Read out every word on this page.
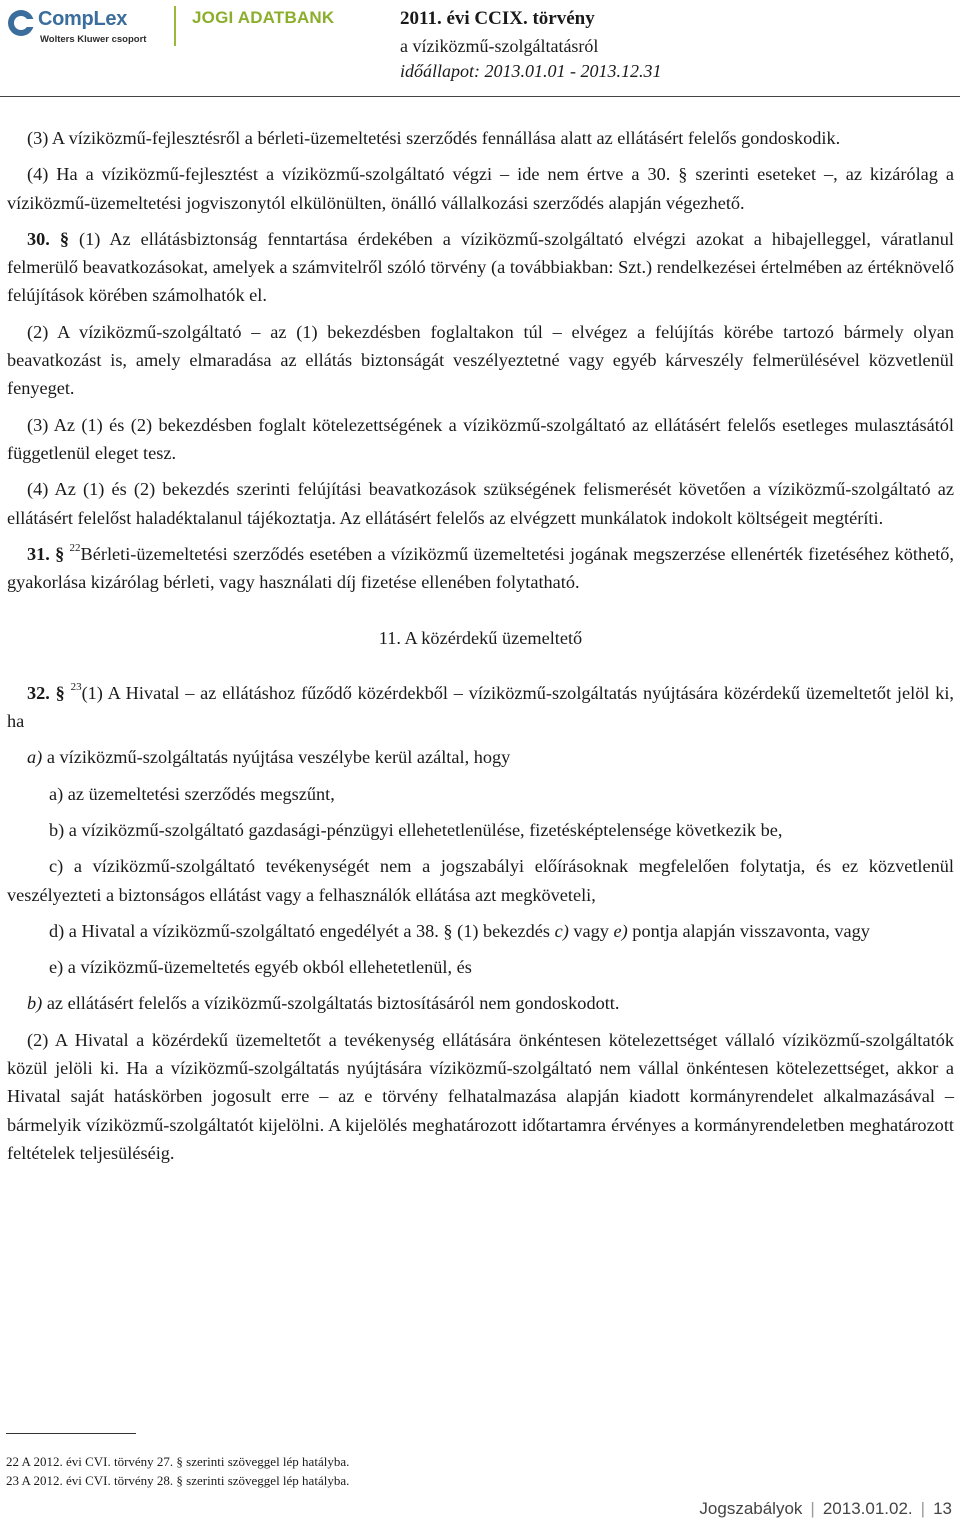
CompLex
Wolters Kluwer csoport
JOGI ADATBANK	2011. évi CCIX. törvény
a víziközmű-szolgáltatásról
időállapot: 2013.01.01 - 2013.12.31

(3) A víziközmű-fejlesztésről a bérleti-üzemeltetési szerződés fennállása alatt az ellátásért felelős gondoskodik.

(4) Ha a víziközmű-fejlesztést a víziközmű-szolgáltató végzi – ide nem értve a 30. § szerinti eseteket –, az kizárólag a víziközmű-üzemeltetési jogviszonytól elkülönülten, önálló vállalkozási szerződés alapján végezhető.

30. § (1) Az ellátásbiztonság fenntartása érdekében a víziközmű-szolgáltató elvégzi azokat a hibajelleggel, váratlanul felmerülő beavatkozásokat, amelyek a számvitelről szóló törvény (a továbbiakban: Szt.) rendelkezései értelmében az értéknövelő felújítások körében számolhatók el.

(2) A víziközmű-szolgáltató – az (1) bekezdésben foglaltakon túl – elvégez a felújítás körébe tartozó bármely olyan beavatkozást is, amely elmaradása az ellátás biztonságát veszélyeztetné vagy egyéb kárveszély felmerülésével közvetlenül fenyeget.

(3) Az (1) és (2) bekezdésben foglalt kötelezettségének a víziközmű-szolgáltató az ellátásért felelős esetleges mulasztásától függetlenül eleget tesz.

(4) Az (1) és (2) bekezdés szerinti felújítási beavatkozások szükségének felismerését követően a víziközmű-szolgáltató az ellátásért felelőst haladéktalanul tájékoztatja. Az ellátásért felelős az elvégzett munkálatok indokolt költségeit megtéríti.

31. § $^{22}$Bérleti-üzemeltetési szerződés esetében a víziközmű üzemeltetési jogának megszerzése ellenérték fizetéséhez köthető, gyakorlása kizárólag bérleti, vagy használati díj fizetése ellenében folytatható.

11. A közérdekű üzemeltető

32. § $^{23}$(1) A Hivatal – az ellátáshoz fűződő közérdekből – víziközmű-szolgáltatás nyújtására közérdekű üzemeltetőt jelöl ki, ha

a) a víziközmű-szolgáltatás nyújtása veszélybe kerül azáltal, hogy

a) az üzemeltetési szerződés megszűnt,

b) a víziközmű-szolgáltató gazdasági-pénzügyi ellehetetlenülése, fizetésképtelensége következik be,

c) a víziközmű-szolgáltató tevékenységét nem a jogszabályi előírásoknak megfelelően folytatja, és ez közvetlenül veszélyezteti a biztonságos ellátást vagy a felhasználók ellátása azt megköveteli,

d) a Hivatal a víziközmű-szolgáltató engedélyét a 38. § (1) bekezdés c) vagy e) pontja alapján visszavonta, vagy

e) a víziközmű-üzemeltetés egyéb okból ellehetetlenül, és

b) az ellátásért felelős a víziközmű-szolgáltatás biztosításáról nem gondoskodott.

(2) A Hivatal a közérdekű üzemeltetőt a tevékenység ellátására önkéntesen kötelezettséget vállaló víziközmű-szolgáltatók közül jelöli ki. Ha a víziközmű-szolgáltatás nyújtására víziközmű-szolgáltató nem vállal önkéntesen kötelezettséget, akkor a Hivatal saját hatáskörben jogosult erre – az e törvény felhatalmazása alapján kiadott kormányrendelet alkalmazásával – bármelyik víziközmű-szolgáltatót kijelölni. A kijelölés meghatározott időtartamra érvényes a kormányrendeletben meghatározott feltételek teljesüléséig.

22 A 2012. évi CVI. törvény 27. § szerinti szöveggel lép hatályba.
23 A 2012. évi CVI. törvény 28. § szerinti szöveggel lép hatályba.
Jogszabályok | 2013.01.02. | 13
